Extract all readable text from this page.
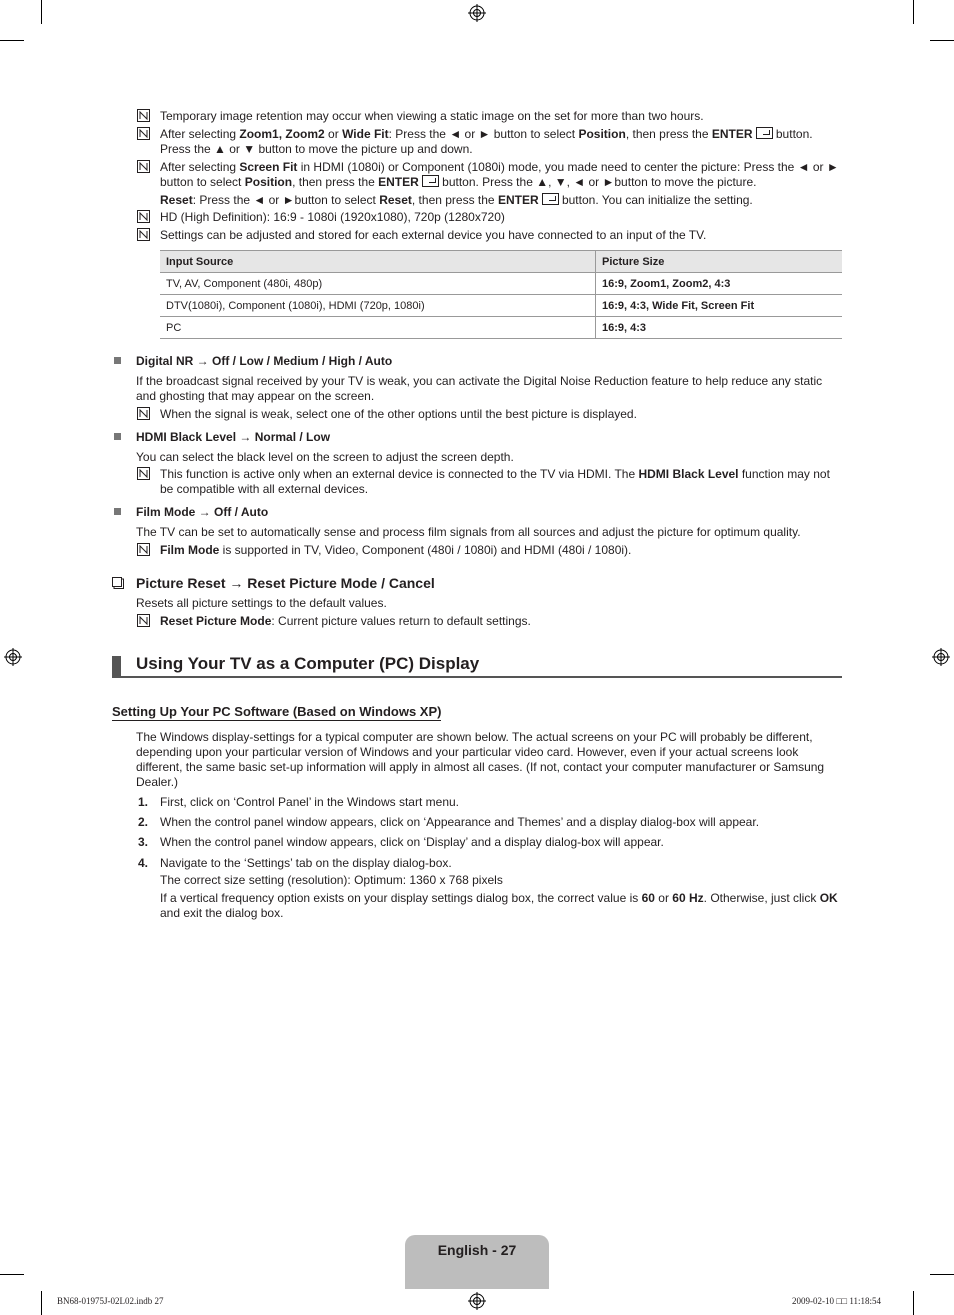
Temporary image retention may occur when viewing a static image on the set for more than two hours.
After selecting Zoom1, Zoom2 or Wide Fit: Press the ◄ or ► button to select Position, then press the ENTER button. Press the ▲ or ▼ button to move the picture up and down.
After selecting Screen Fit in HDMI (1080i) or Component (1080i) mode, you made need to center the picture: Press the ◄ or ► button to select Position, then press the ENTER button. Press the ▲, ▼, ◄ or ►button to move the picture.
Reset: Press the ◄ or ►button to select Reset, then press the ENTER button. You can initialize the setting.
HD (High Definition): 16:9 - 1080i (1920x1080), 720p (1280x720)
Settings can be adjusted and stored for each external device you have connected to an input of the TV.
Input Source	Picture Size
TV, AV, Component (480i, 480p)	16:9, Zoom1, Zoom2, 4:3
DTV(1080i), Component (1080i), HDMI (720p, 1080i)	16:9, 4:3, Wide Fit, Screen Fit
PC	16:9, 4:3
Digital NR → Off / Low / Medium / High / Auto
If the broadcast signal received by your TV is weak, you can activate the Digital Noise Reduction feature to help reduce any static and ghosting that may appear on the screen.
When the signal is weak, select one of the other options until the best picture is displayed.
HDMI Black Level → Normal / Low
You can select the black level on the screen to adjust the screen depth.
This function is active only when an external device is connected to the TV via HDMI. The HDMI Black Level function may not be compatible with all external devices.
Film Mode → Off / Auto
The TV can be set to automatically sense and process film signals from all sources and adjust the picture for optimum quality.
Film Mode is supported in TV, Video, Component (480i / 1080i) and HDMI (480i / 1080i).
Picture Reset → Reset Picture Mode / Cancel
Resets all picture settings to the default values.
Reset Picture Mode: Current picture values return to default settings.
Using Your TV as a Computer (PC) Display
Setting Up Your PC Software (Based on Windows XP)
The Windows display-settings for a typical computer are shown below. The actual screens on your PC will probably be different, depending upon your particular version of Windows and your particular video card. However, even if your actual screens look different, the same basic set-up information will apply in almost all cases. (If not, contact your computer manufacturer or Samsung Dealer.)
1. First, click on ‘Control Panel’ in the Windows start menu.
2. When the control panel window appears, click on ‘Appearance and Themes’ and a display dialog-box will appear.
3. When the control panel window appears, click on ‘Display’ and a display dialog-box will appear.
4. Navigate to the ‘Settings’ tab on the display dialog-box.
The correct size setting (resolution): Optimum: 1360 x 768 pixels
If a vertical frequency option exists on your display settings dialog box, the correct value is 60 or 60 Hz. Otherwise, just click OK and exit the dialog box.
English - 27
BN68-01975J-02L02.indb 27	2009-02-10 □□ 11:18:54
